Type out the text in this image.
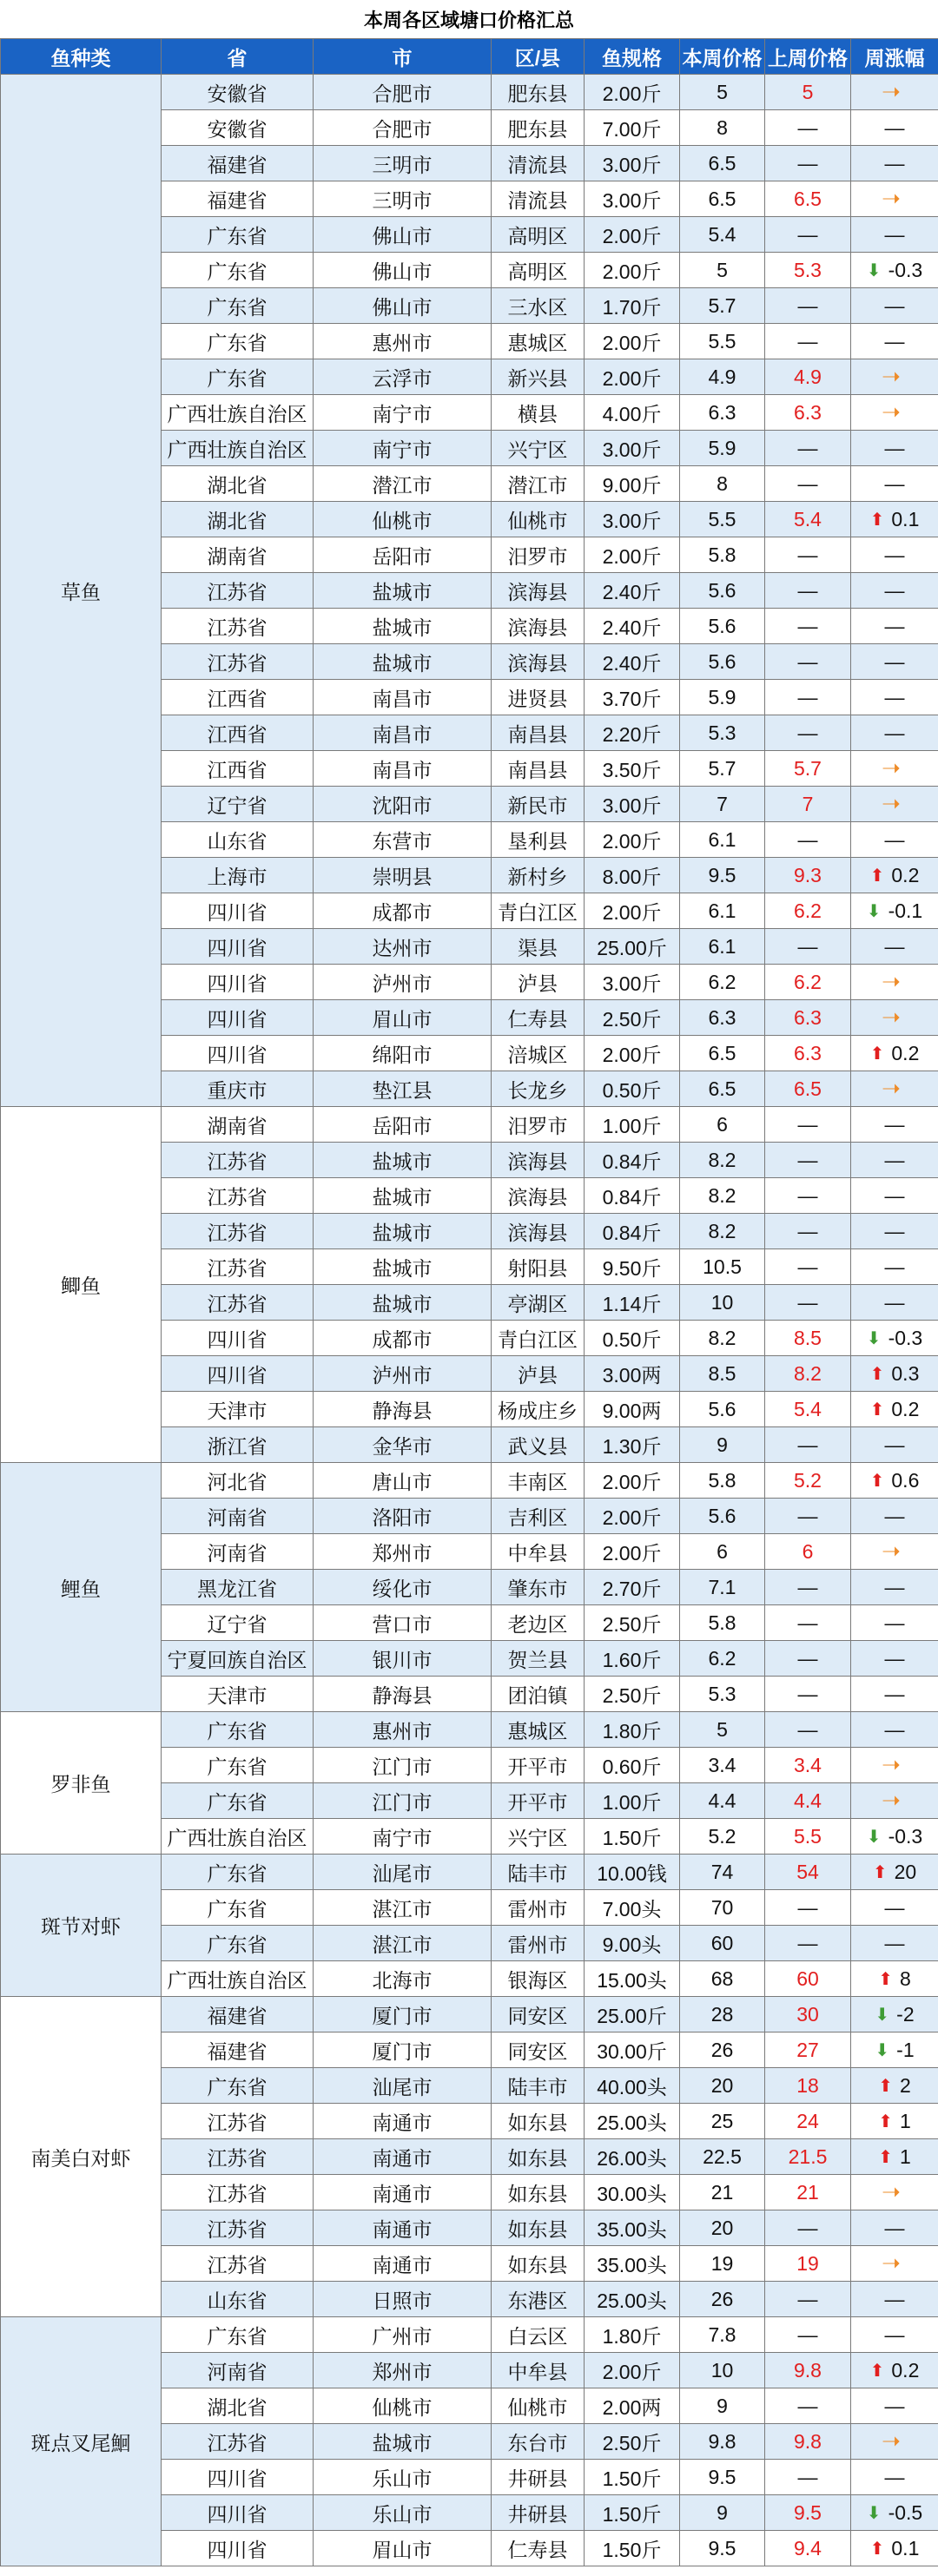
本周各区域塘口价格汇总
鱼种类	省	市	区/县	鱼规格	本周价格	上周价格	周涨幅
草鱼	安徽省	合肥市	肥东县	2.00斤	5	5	➝

	安徽省	合肥市	肥东县	7.00斤	8	—	—

	福建省	三明市	清流县	3.00斤	6.5	—	—

	福建省	三明市	清流县	3.00斤	6.5	6.5	➝

	广东省	佛山市	高明区	2.00斤	5.4	—	—

	广东省	佛山市	高明区	2.00斤	5	5.3	⬇ -0.3

	广东省	佛山市	三水区	1.70斤	5.7	—	—

	广东省	惠州市	惠城区	2.00斤	5.5	—	—

	广东省	云浮市	新兴县	2.00斤	4.9	4.9	➝

	广西壮族自治区	南宁市	横县	4.00斤	6.3	6.3	➝

	广西壮族自治区	南宁市	兴宁区	3.00斤	5.9	—	—

	湖北省	潜江市	潜江市	9.00斤	8	—	—

	湖北省	仙桃市	仙桃市	3.00斤	5.5	5.4	⬆ 0.1

	湖南省	岳阳市	汨罗市	2.00斤	5.8	—	—

	江苏省	盐城市	滨海县	2.40斤	5.6	—	—

	江苏省	盐城市	滨海县	2.40斤	5.6	—	—

	江苏省	盐城市	滨海县	2.40斤	5.6	—	—

	江西省	南昌市	进贤县	3.70斤	5.9	—	—

	江西省	南昌市	南昌县	2.20斤	5.3	—	—

	江西省	南昌市	南昌县	3.50斤	5.7	5.7	➝

	辽宁省	沈阳市	新民市	3.00斤	7	7	➝

	山东省	东营市	垦利县	2.00斤	6.1	—	—

	上海市	崇明县	新村乡	8.00斤	9.5	9.3	⬆ 0.2

	四川省	成都市	青白江区	2.00斤	6.1	6.2	⬇ -0.1

	四川省	达州市	渠县	25.00斤	6.1	—	—

	四川省	泸州市	泸县	3.00斤	6.2	6.2	➝

	四川省	眉山市	仁寿县	2.50斤	6.3	6.3	➝

	四川省	绵阳市	涪城区	2.00斤	6.5	6.3	⬆ 0.2

	重庆市	垫江县	长龙乡	0.50斤	6.5	6.5	➝

鲫鱼	湖南省	岳阳市	汨罗市	1.00斤	6	—	—

	江苏省	盐城市	滨海县	0.84斤	8.2	—	—

	江苏省	盐城市	滨海县	0.84斤	8.2	—	—

	江苏省	盐城市	滨海县	0.84斤	8.2	—	—

	江苏省	盐城市	射阳县	9.50斤	10.5	—	—

	江苏省	盐城市	亭湖区	1.14斤	10	—	—

	四川省	成都市	青白江区	0.50斤	8.2	8.5	⬇ -0.3

	四川省	泸州市	泸县	3.00两	8.5	8.2	⬆ 0.3

	天津市	静海县	杨成庄乡	9.00两	5.6	5.4	⬆ 0.2

	浙江省	金华市	武义县	1.30斤	9	—	—

鲤鱼	河北省	唐山市	丰南区	2.00斤	5.8	5.2	⬆ 0.6

	河南省	洛阳市	吉利区	2.00斤	5.6	—	—

	河南省	郑州市	中牟县	2.00斤	6	6	➝

	黑龙江省	绥化市	肇东市	2.70斤	7.1	—	—

	辽宁省	营口市	老边区	2.50斤	5.8	—	—

	宁夏回族自治区	银川市	贺兰县	1.60斤	6.2	—	—

	天津市	静海县	团泊镇	2.50斤	5.3	—	—

罗非鱼	广东省	惠州市	惠城区	1.80斤	5	—	—

	广东省	江门市	开平市	0.60斤	3.4	3.4	➝

	广东省	江门市	开平市	1.00斤	4.4	4.4	➝

	广西壮族自治区	南宁市	兴宁区	1.50斤	5.2	5.5	⬇ -0.3

斑节对虾	广东省	汕尾市	陆丰市	10.00钱	74	54	⬆ 20

	广东省	湛江市	雷州市	7.00头	70	—	—

	广东省	湛江市	雷州市	9.00头	60	—	—

	广西壮族自治区	北海市	银海区	15.00头	68	60	⬆ 8

南美白对虾	福建省	厦门市	同安区	25.00斤	28	30	⬇ -2

	福建省	厦门市	同安区	30.00斤	26	27	⬇ -1

	广东省	汕尾市	陆丰市	40.00头	20	18	⬆ 2

	江苏省	南通市	如东县	25.00头	25	24	⬆ 1

	江苏省	南通市	如东县	26.00头	22.5	21.5	⬆ 1

	江苏省	南通市	如东县	30.00头	21	21	➝

	江苏省	南通市	如东县	35.00头	20	—	—

	江苏省	南通市	如东县	35.00头	19	19	➝

	山东省	日照市	东港区	25.00头	26	—	—

斑点叉尾鮰	广东省	广州市	白云区	1.80斤	7.8	—	—

	河南省	郑州市	中牟县	2.00斤	10	9.8	⬆ 0.2

	湖北省	仙桃市	仙桃市	2.00两	9	—	—

	江苏省	盐城市	东台市	2.50斤	9.8	9.8	➝

	四川省	乐山市	井研县	1.50斤	9.5	—	—

	四川省	乐山市	井研县	1.50斤	9	9.5	⬇ -0.5

	四川省	眉山市	仁寿县	1.50斤	9.5	9.4	⬆ 0.1
